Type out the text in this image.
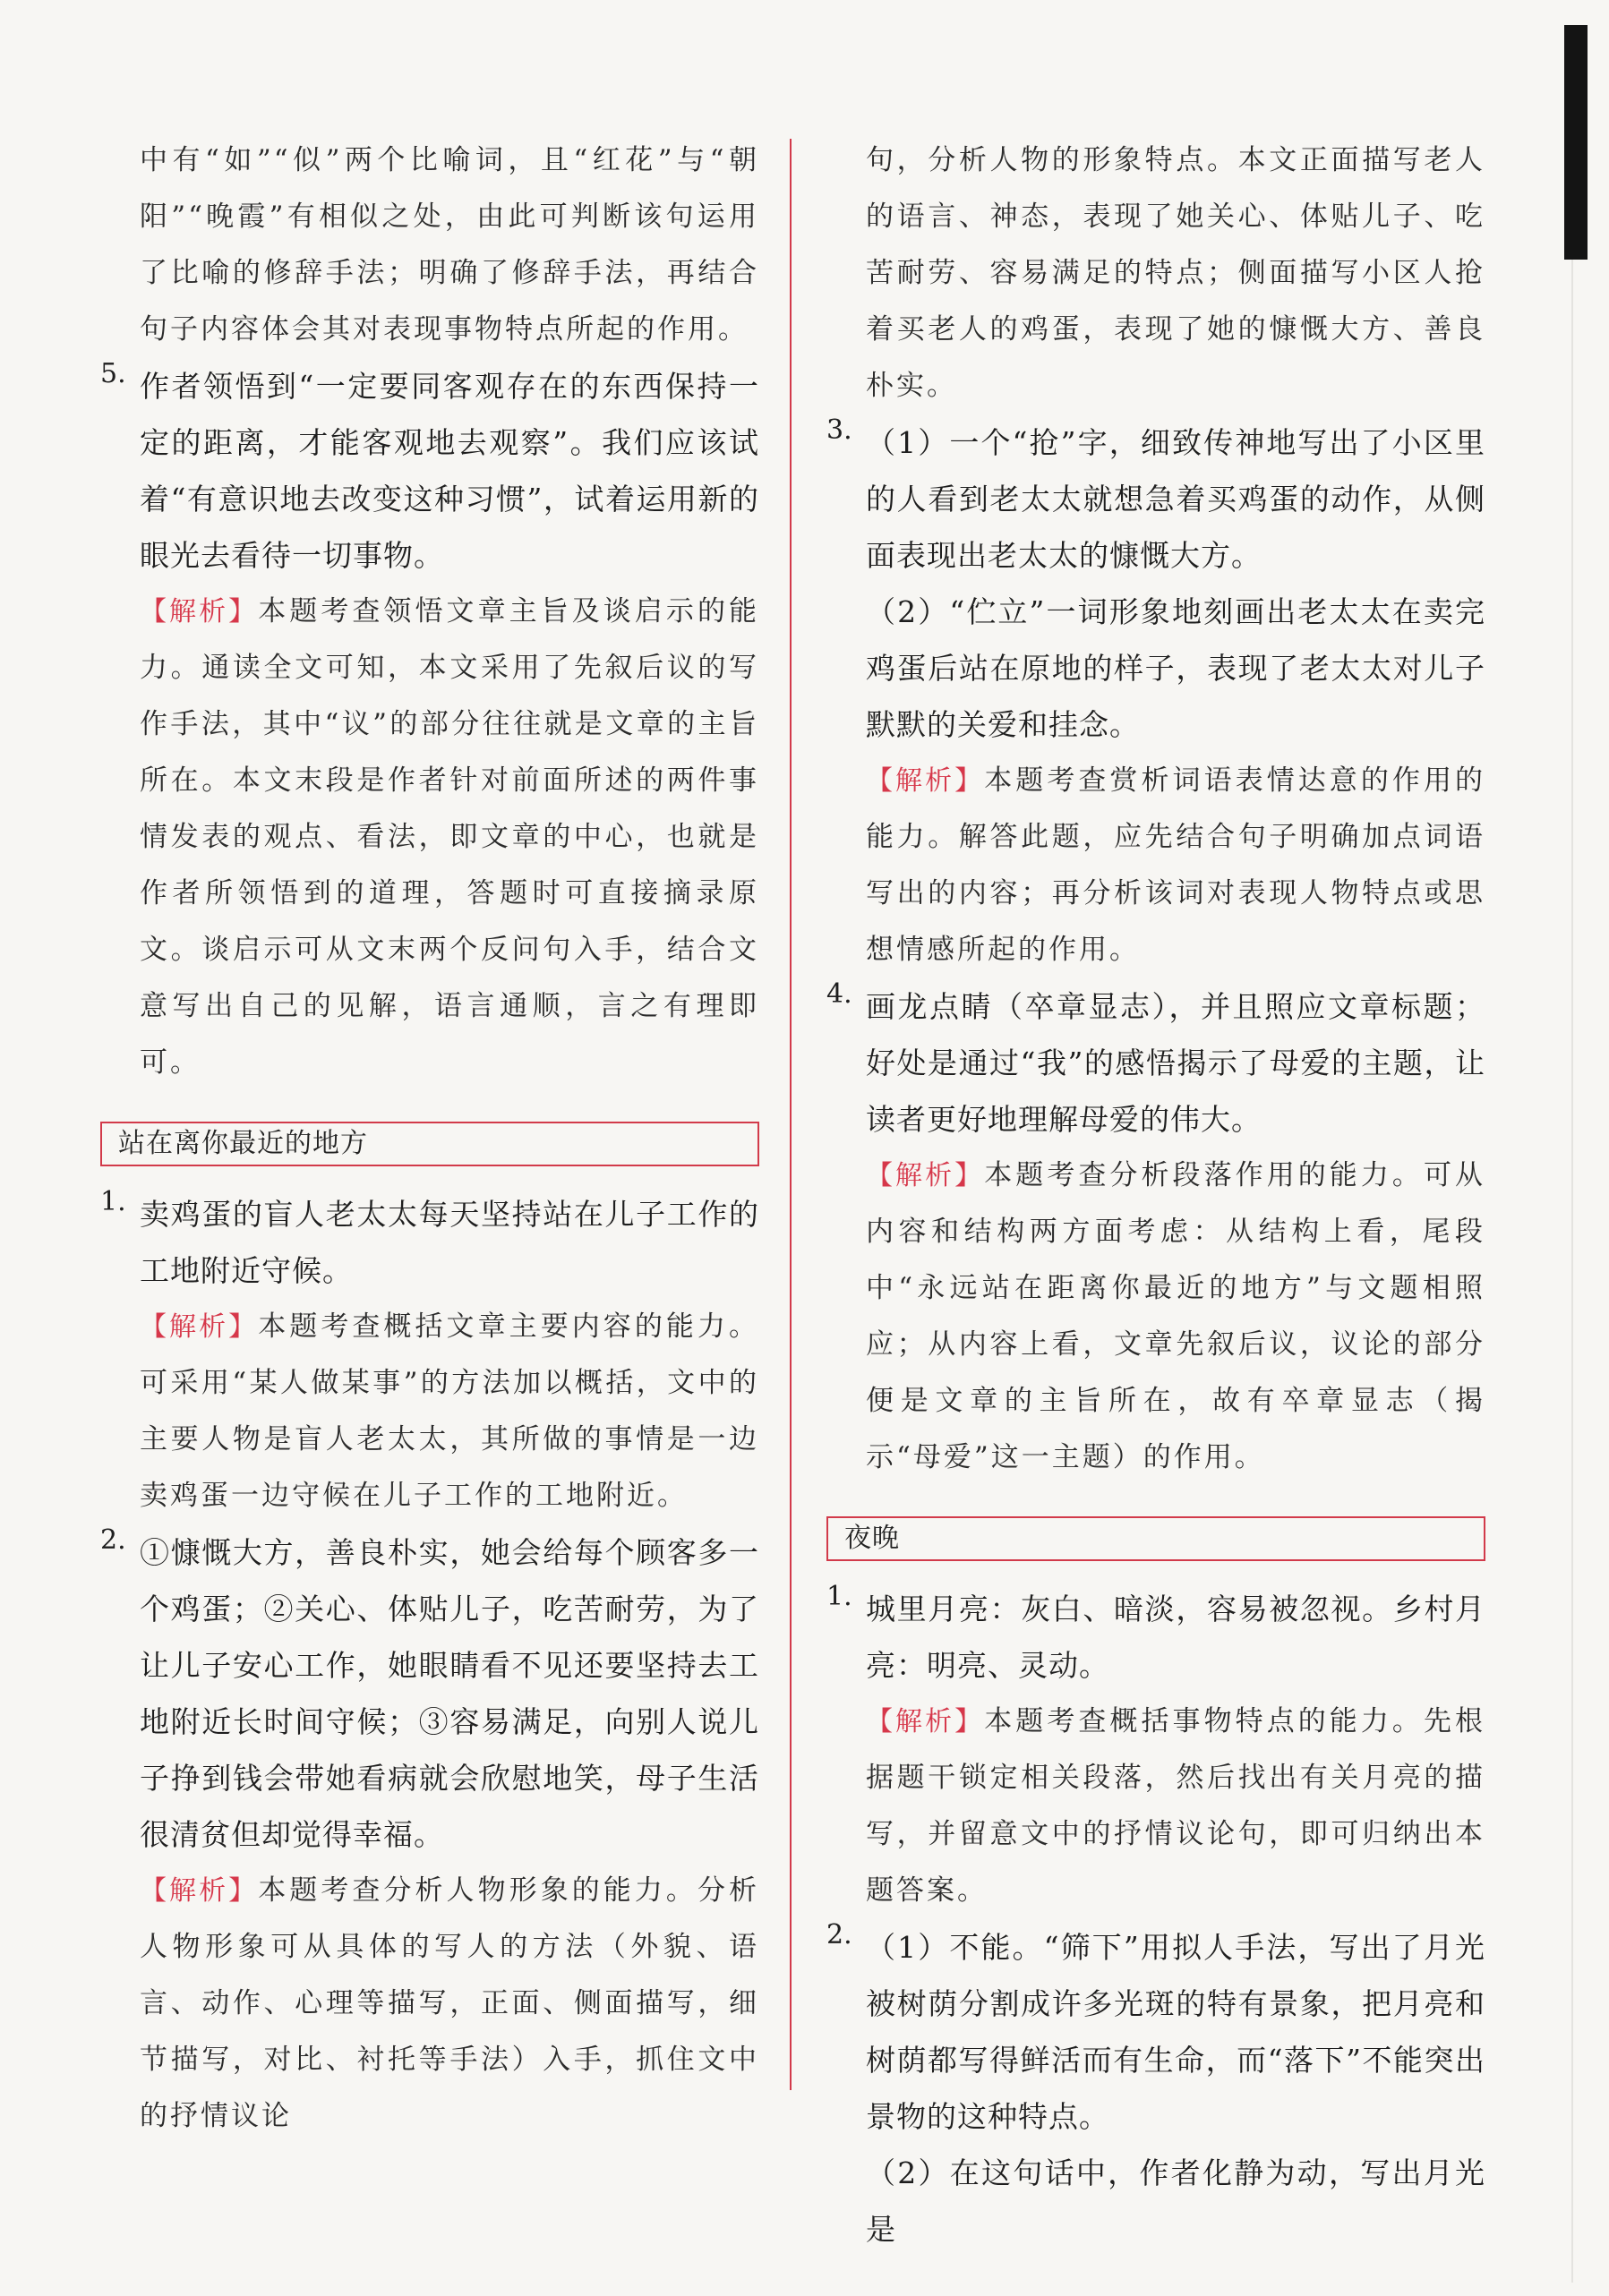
中有“如”“似”两个比喻词，且“红花”与“朝阳”“晚霞”有相似之处，由此可判断该句运用了比喻的修辞手法；明确了修辞手法，再结合句子内容体会其对表现事物特点所起的作用。

5. 作者领悟到“一定要同客观存在的东西保持一定的距离，才能客观地去观察”。我们应该试着“有意识地去改变这种习惯”，试着运用新的眼光去看待一切事物。

【解析】本题考查领悟文章主旨及谈启示的能力。通读全文可知，本文采用了先叙后议的写作手法，其中“议”的部分往往就是文章的主旨所在。本文末段是作者针对前面所述的两件事情发表的观点、看法，即文章的中心，也就是作者所领悟到的道理，答题时可直接摘录原文。谈启示可从文末两个反问句入手，结合文意写出自己的见解，语言通顺，言之有理即可。

站在离你最近的地方
1. 卖鸡蛋的盲人老太太每天坚持站在儿子工作的工地附近守候。

【解析】本题考查概括文章主要内容的能力。可采用“某人做某事”的方法加以概括，文中的主要人物是盲人老太太，其所做的事情是一边卖鸡蛋一边守候在儿子工作的工地附近。

2. ①慷慨大方，善良朴实，她会给每个顾客多一个鸡蛋；②关心、体贴儿子，吃苦耐劳，为了让儿子安心工作，她眼睛看不见还要坚持去工地附近长时间守候；③容易满足，向别人说儿子挣到钱会带她看病就会欣慰地笑，母子生活很清贫但却觉得幸福。

【解析】本题考查分析人物形象的能力。分析人物形象可从具体的写人的方法（外貌、语言、动作、心理等描写，正面、侧面描写，细节描写，对比、衬托等手法）入手，抓住文中的抒情议论

句，分析人物的形象特点。本文正面描写老人的语言、神态，表现了她关心、体贴儿子、吃苦耐劳、容易满足的特点；侧面描写小区人抢着买老人的鸡蛋，表现了她的慷慨大方、善良朴实。

3. （1）一个“抢”字，细致传神地写出了小区里的人看到老太太就想急着买鸡蛋的动作，从侧面表现出老太太的慷慨大方。

（2）“伫立”一词形象地刻画出老太太在卖完鸡蛋后站在原地的样子，表现了老太太对儿子默默的关爱和挂念。

【解析】本题考查赏析词语表情达意的作用的能力。解答此题，应先结合句子明确加点词语写出的内容；再分析该词对表现人物特点或思想情感所起的作用。

4. 画龙点睛（卒章显志），并且照应文章标题；好处是通过“我”的感悟揭示了母爱的主题，让读者更好地理解母爱的伟大。

【解析】本题考查分析段落作用的能力。可从内容和结构两方面考虑：从结构上看，尾段中“永远站在距离你最近的地方”与文题相照应；从内容上看，文章先叙后议，议论的部分便是文章的主旨所在，故有卒章显志（揭示“母爱”这一主题）的作用。

夜晚
1. 城里月亮：灰白、暗淡，容易被忽视。乡村月亮：明亮、灵动。

【解析】本题考查概括事物特点的能力。先根据题干锁定相关段落，然后找出有关月亮的描写，并留意文中的抒情议论句，即可归纳出本题答案。

2. （1）不能。“筛下”用拟人手法，写出了月光被树荫分割成许多光斑的特有景象，把月亮和树荫都写得鲜活而有生命，而“落下”不能突出景物的这种特点。

（2）在这句话中，作者化静为动，写出月光是
